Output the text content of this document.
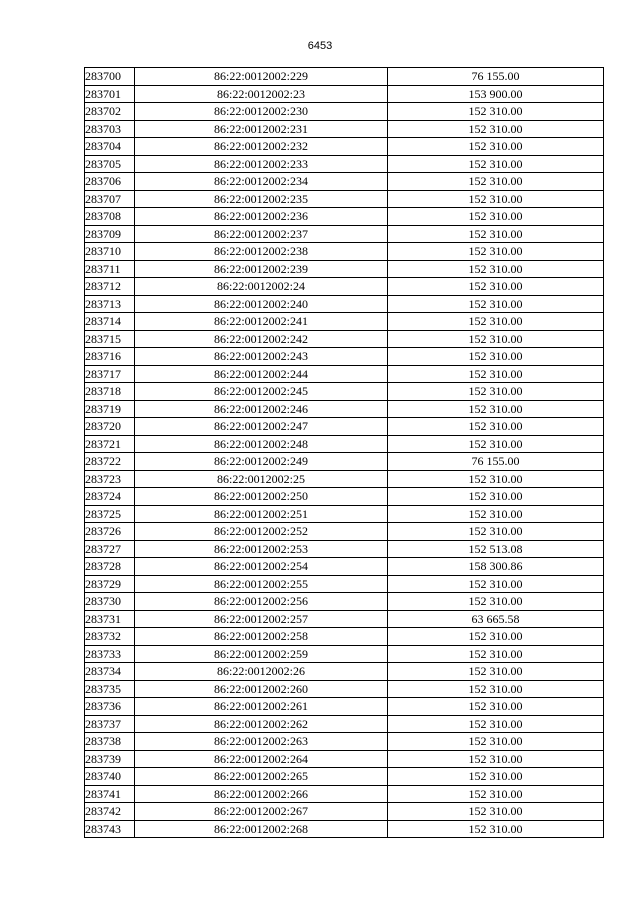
6453
283700	86:22:0012002:229	76 155.00
283701	86:22:0012002:23	153 900.00
283702	86:22:0012002:230	152 310.00
283703	86:22:0012002:231	152 310.00
283704	86:22:0012002:232	152 310.00
283705	86:22:0012002:233	152 310.00
283706	86:22:0012002:234	152 310.00
283707	86:22:0012002:235	152 310.00
283708	86:22:0012002:236	152 310.00
283709	86:22:0012002:237	152 310.00
283710	86:22:0012002:238	152 310.00
283711	86:22:0012002:239	152 310.00
283712	86:22:0012002:24	152 310.00
283713	86:22:0012002:240	152 310.00
283714	86:22:0012002:241	152 310.00
283715	86:22:0012002:242	152 310.00
283716	86:22:0012002:243	152 310.00
283717	86:22:0012002:244	152 310.00
283718	86:22:0012002:245	152 310.00
283719	86:22:0012002:246	152 310.00
283720	86:22:0012002:247	152 310.00
283721	86:22:0012002:248	152 310.00
283722	86:22:0012002:249	76 155.00
283723	86:22:0012002:25	152 310.00
283724	86:22:0012002:250	152 310.00
283725	86:22:0012002:251	152 310.00
283726	86:22:0012002:252	152 310.00
283727	86:22:0012002:253	152 513.08
283728	86:22:0012002:254	158 300.86
283729	86:22:0012002:255	152 310.00
283730	86:22:0012002:256	152 310.00
283731	86:22:0012002:257	63 665.58
283732	86:22:0012002:258	152 310.00
283733	86:22:0012002:259	152 310.00
283734	86:22:0012002:26	152 310.00
283735	86:22:0012002:260	152 310.00
283736	86:22:0012002:261	152 310.00
283737	86:22:0012002:262	152 310.00
283738	86:22:0012002:263	152 310.00
283739	86:22:0012002:264	152 310.00
283740	86:22:0012002:265	152 310.00
283741	86:22:0012002:266	152 310.00
283742	86:22:0012002:267	152 310.00
283743	86:22:0012002:268	152 310.00
